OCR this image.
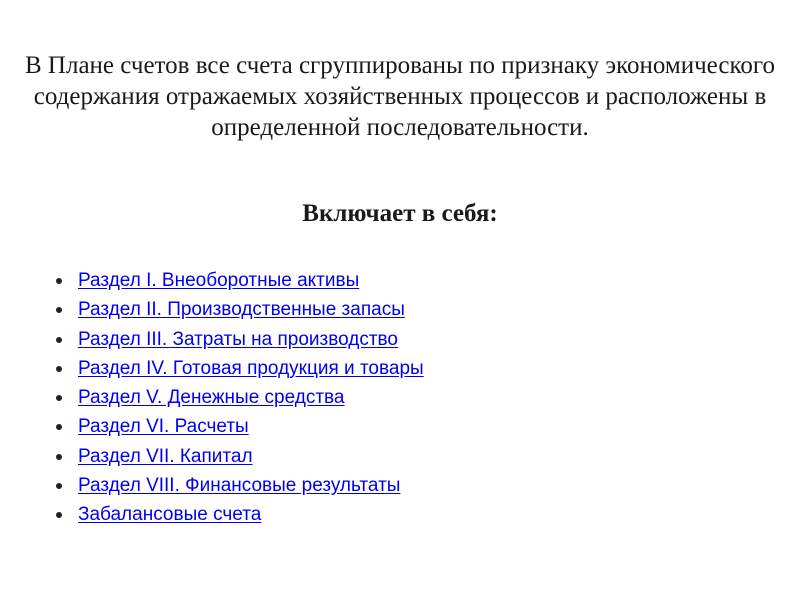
В Плане счетов все счета сгруппированы по признаку экономического содержания отражаемых хозяйственных процессов и расположены в определенной последовательности.

Включает в себя:

Раздел I. Внеоборотные активы
Раздел II. Производственные запасы
Раздел III. Затраты на производство
Раздел IV. Готовая продукция и товары
Раздел V. Денежные средства
Раздел VI. Расчеты
Раздел VII. Капитал
Раздел VIII. Финансовые результаты
Забалансовые счета
